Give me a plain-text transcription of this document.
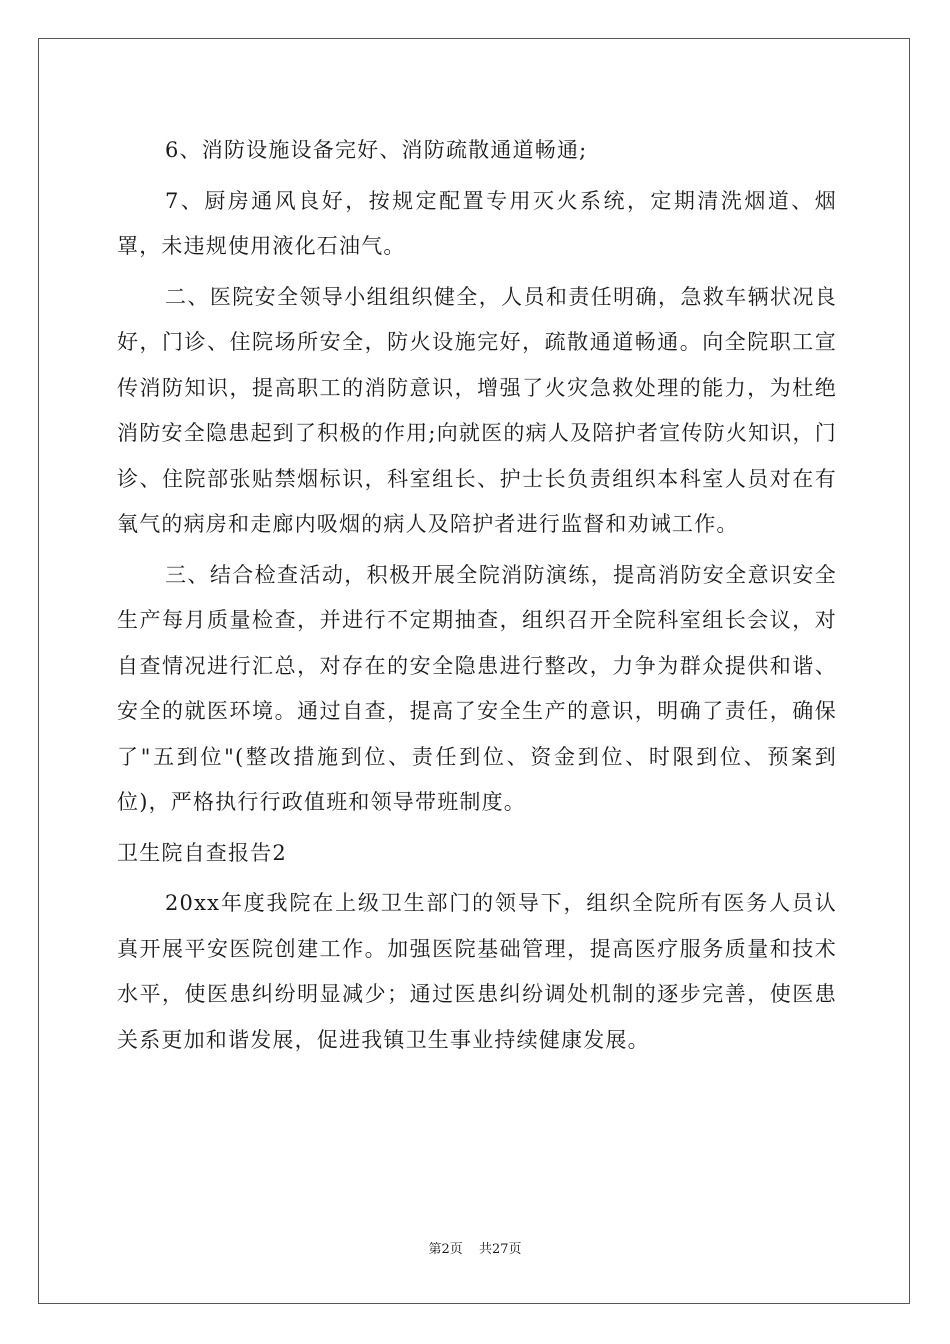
6、消防设施设备完好、消防疏散通道畅通;

7、厨房通风良好，按规定配置专用灭火系统，定期清洗烟道、烟罩，未违规使用液化石油气。

二、医院安全领导小组组织健全，人员和责任明确，急救车辆状况良好，门诊、住院场所安全，防火设施完好，疏散通道畅通。向全院职工宣传消防知识，提高职工的消防意识，增强了火灾急救处理的能力，为杜绝消防安全隐患起到了积极的作用;向就医的病人及陪护者宣传防火知识，门诊、住院部张贴禁烟标识，科室组长、护士长负责组织本科室人员对在有氧气的病房和走廊内吸烟的病人及陪护者进行监督和劝诫工作。

三、结合检查活动，积极开展全院消防演练，提高消防安全意识安全生产每月质量检查，并进行不定期抽查，组织召开全院科室组长会议，对自查情况进行汇总，对存在的安全隐患进行整改，力争为群众提供和谐、安全的就医环境。通过自查，提高了安全生产的意识，明确了责任，确保了"五到位"(整改措施到位、责任到位、资金到位、时限到位、预案到位)，严格执行行政值班和领导带班制度。

卫生院自查报告2

20xx年度我院在上级卫生部门的领导下，组织全院所有医务人员认真开展平安医院创建工作。加强医院基础管理，提高医疗服务质量和技术水平，使医患纠纷明显减少；通过医患纠纷调处机制的逐步完善，使医患关系更加和谐发展，促进我镇卫生事业持续健康发展。

第2页 共27页
